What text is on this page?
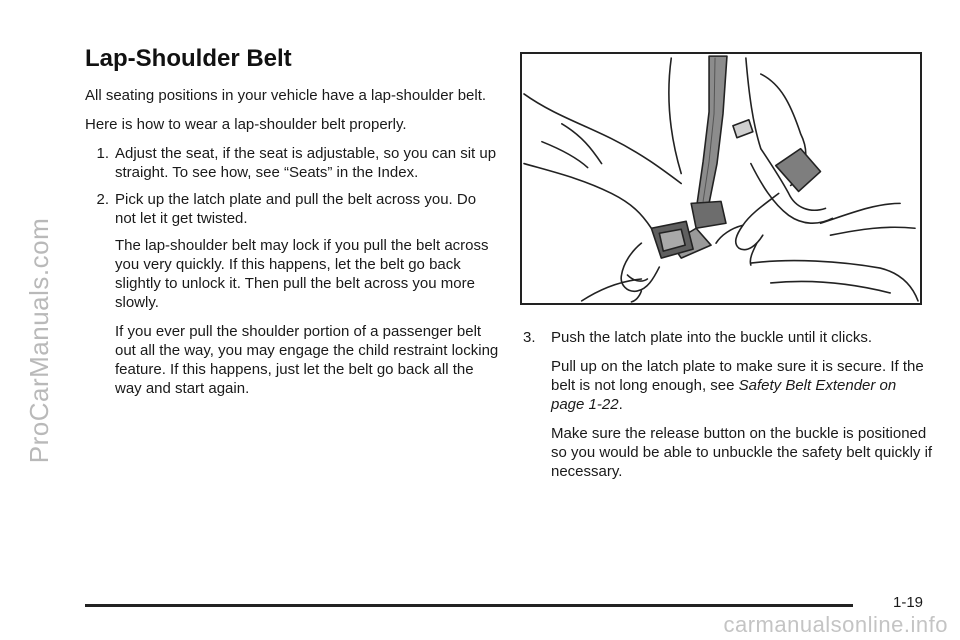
ProCarManuals.com
Lap-Shoulder Belt

All seating positions in your vehicle have a lap-shoulder belt.

Here is how to wear a lap-shoulder belt properly.

1. Adjust the seat, if the seat is adjustable, so you can sit up straight. To see how, see “Seats” in the Index.
2. Pick up the latch plate and pull the belt across you. Do not let it get twisted.

The lap-shoulder belt may lock if you pull the belt across you very quickly. If this happens, let the belt go back slightly to unlock it. Then pull the belt across you more slowly.

If you ever pull the shoulder portion of a passenger belt out all the way, you may engage the child restraint locking feature. If this happens, just let the belt go back all the way and start again.

3.	Push the latch plate into the buckle until it clicks.

Pull up on the latch plate to make sure it is secure. If the belt is not long enough, see Safety Belt Extender on page 1-22.

Make sure the release button on the buckle is positioned so you would be able to unbuckle the safety belt quickly if necessary.

1-19
carmanualsonline.info
